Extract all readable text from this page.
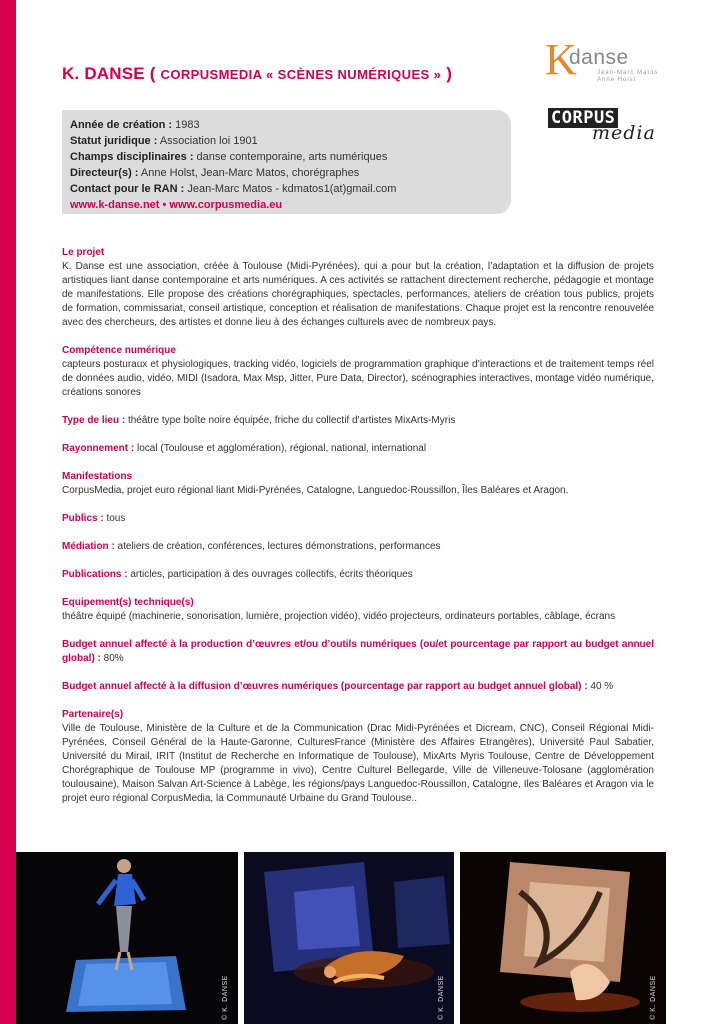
K. DANSE ( CORPUSMEDIA « SCÈNES NUMÉRIQUES » ) K
danse
Jean-Marc Matos Anne Holst
CORPUS
media
Année de création : 1983
Statut juridique : Association loi 1901
Champs disciplinaires : danse contemporaine, arts numériques
Directeur(s) : Anne Holst, Jean-Marc Matos, chorégraphes
Contact pour le RAN : Jean-Marc Matos - kdmatos1(at)gmail.com
www.k-danse.net • www.corpusmedia.eu
Le projet

K. Danse est une association, créée à Toulouse (Midi-Pyrénées), qui a pour but la création, l’adaptation et la diffusion de projets artistiques liant danse contemporaine et arts numériques. A ces activités se rattachent directement recherche, pédagogie et montage de manifestations. Elle propose des créations chorégraphiques, spectacles, performances, ateliers de création tous publics, projets de formation, commissariat, conseil artistique, conception et réalisation de manifestations. Chaque projet est la rencontre renouvelée avec des chercheurs, des artistes et donne lieu à des échanges culturels avec de nombreux pays.

Compétence numérique

capteurs posturaux et physiologiques, tracking vidéo, logiciels de programmation graphique d’interactions et de traitement temps réel de données audio, vidéo, MIDI (Isadora, Max Msp, Jitter, Pure Data, Director), scénographies interactives, montage vidéo numérique, créations sonores

Type de lieu : théâtre type boîte noire équipée, friche du collectif d’artistes MixArts-Myris

Rayonnement : local (Toulouse et agglomération), régional, national, international

Manifestations

CorpusMedia, projet euro régional liant Midi-Pyrénées, Catalogne, Languedoc-Roussillon, Îles Baléares et Aragon.

Publics : tous

Médiation : ateliers de création, conférences, lectures démonstrations, performances

Publications : articles, participation à des ouvrages collectifs, écrits théoriques

Equipement(s) technique(s)

théâtre équipé (machinerie, sonorisation, lumière, projection vidéo), vidéo projecteurs, ordinateurs portables, câblage, écrans

Budget annuel affecté à la production d’œuvres et/ou d’outils numériques (ou/et pourcentage par rapport au budget annuel global) : 80%

Budget annuel affecté à la diffusion d’œuvres numériques (pourcentage par rapport au budget annuel global) : 40 %

Partenaire(s)

Ville de Toulouse, Ministère de la Culture et de la Communication (Drac Midi-Pyrénées et Dicream, CNC), Conseil Régional Midi-Pyrénées, Conseil Général de la Haute-Garonne, CulturesFrance (Ministère des Affaires Etrangères), Université Paul Sabatier, Université du Mirail, IRIT (Institut de Recherche en Informatique de Toulouse), MixArts Myris Toulouse, Centre de Développement Chorégraphique de Toulouse MP (programme in vivo), Centre Culturel Bellegarde, Ville de Villeneuve-Tolosane (agglomération toulousaine), Maison Salvan Art-Science à Labège, les régions/pays Languedoc-Roussillon, Catalogne, Iles Baléares et Aragon via le projet euro régional CorpusMedia, la Communauté Urbaine du Grand Toulouse..

© K. DANSE	© K. DANSE	© K. DANSE
